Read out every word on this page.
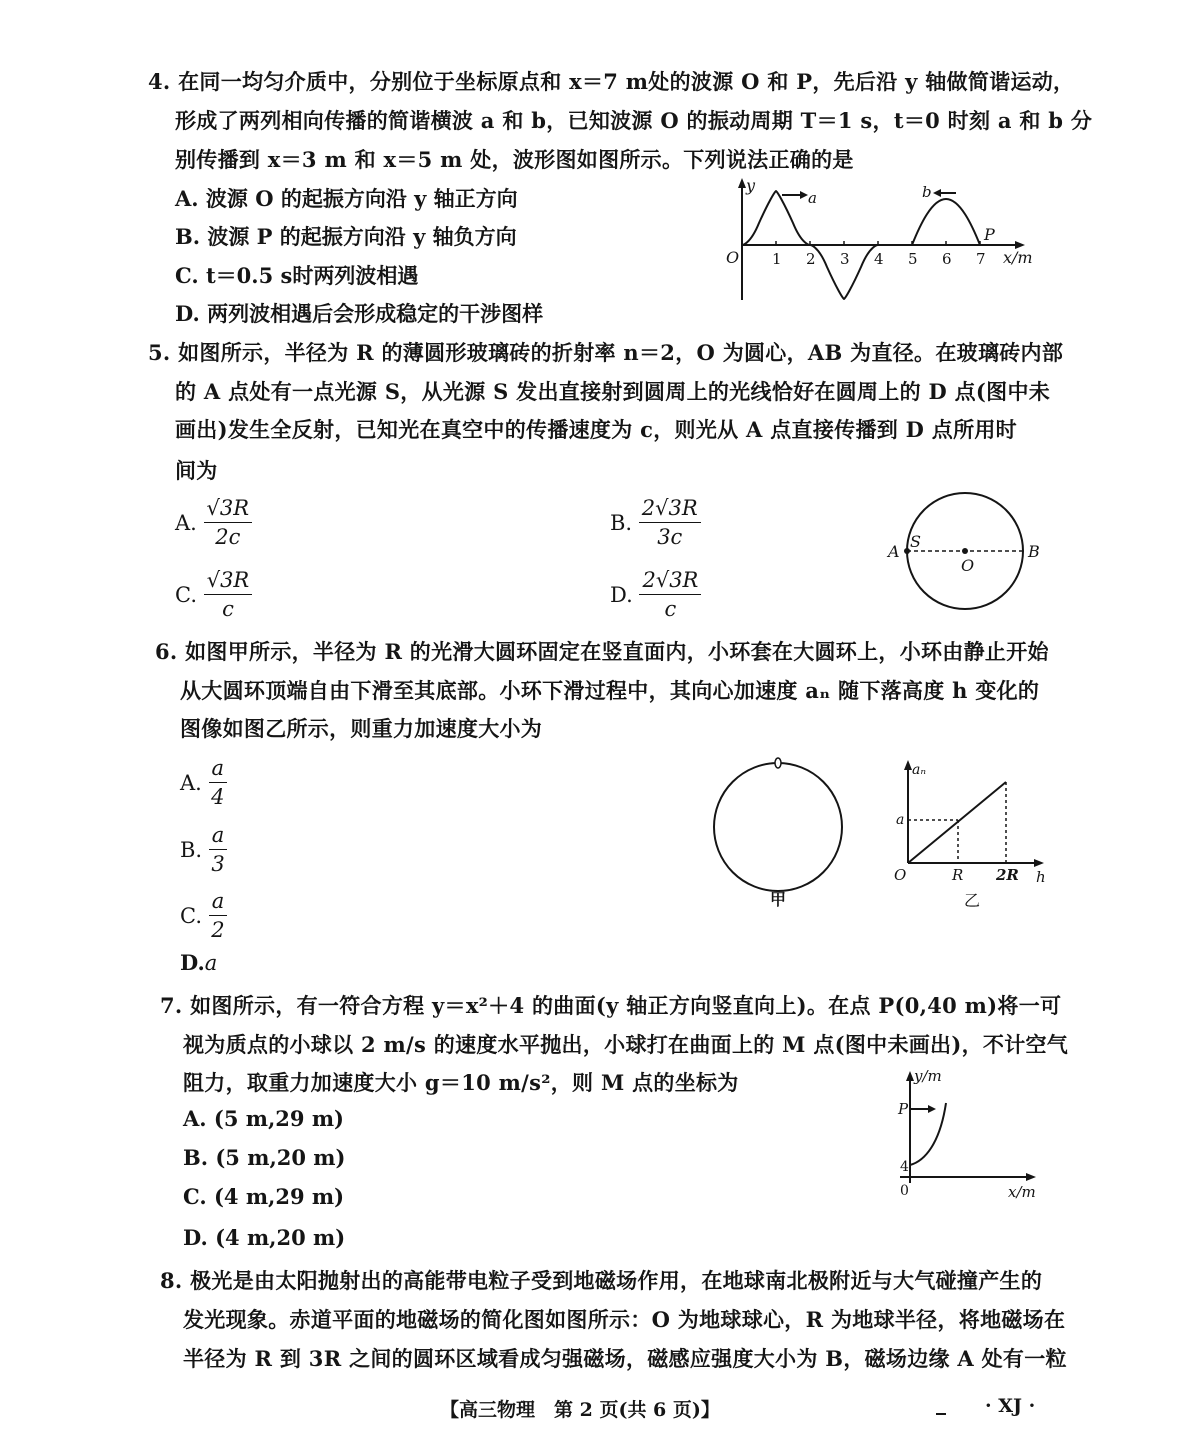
4. 在同一均匀介质中，分别位于坐标原点和 x＝7 m处的波源 O 和 P，先后沿 y 轴做简谐运动，
形成了两列相向传播的简谐横波 a 和 b，已知波源 O 的振动周期 T＝1 s，t＝0 时刻 a 和 b 分
别传播到 x＝3 m 和 x＝5 m 处，波形图如图所示。下列说法正确的是
A. 波源 O 的起振方向沿 y 轴正方向
B. 波源 P 的起振方向沿 y 轴负方向
C. t＝0.5 s时两列波相遇
D. 两列波相遇后会形成稳定的干涉图样
y
x/m
O 1 2 3 4 5 6 7
a	b
P
5. 如图所示，半径为 R 的薄圆形玻璃砖的折射率 n＝2，O 为圆心，AB 为直径。在玻璃砖内部
的 A 点处有一点光源 S，从光源 S 发出直接射到圆周上的光线恰好在圆周上的 D 点(图中未
画出)发生全反射，已知光在真空中的传播速度为 c，则光从 A 点直接传播到 D 点所用时
间为
A. $\frac{√3R}{2c}$	B. $\frac{2√3R}{3c}$
C. $\frac{√3R}{c}$	D. $\frac{2√3R}{c}$
A
S
O
B
6. 如图甲所示，半径为 R 的光滑大圆环固定在竖直面内，小环套在大圆环上，小环由静止开始
从大圆环顶端自由下滑至其底部。小环下滑过程中，其向心加速度 aₙ 随下落高度 h 变化的
图像如图乙所示，则重力加速度大小为
A. $\frac{a}{4}$
B. $\frac{a}{3}$
C. $\frac{a}{2}$
D.a
甲
aₙ
a
O	R 2R h
乙
7. 如图所示，有一符合方程 y＝x²＋4 的曲面(y 轴正方向竖直向上)。在点 P(0,40 m)将一可
视为质点的小球以 2 m/s 的速度水平抛出，小球打在曲面上的 M 点(图中未画出)，不计空气
阻力，取重力加速度大小 g＝10 m/s²，则 M 点的坐标为
A. (5 m,29 m)
B. (5 m,20 m)
C. (4 m,29 m)
D. (4 m,20 m)
y/m
P
4
0	x/m
8. 极光是由太阳抛射出的高能带电粒子受到地磁场作用，在地球南北极附近与大气碰撞产生的
发光现象。赤道平面的地磁场的简化图如图所示：O 为地球球心，R 为地球半径，将地磁场在
半径为 R 到 3R 之间的圆环区域看成匀强磁场，磁感应强度大小为 B，磁场边缘 A 处有一粒
【高三物理　第 2 页(共 6 页)】	· XJ ·
